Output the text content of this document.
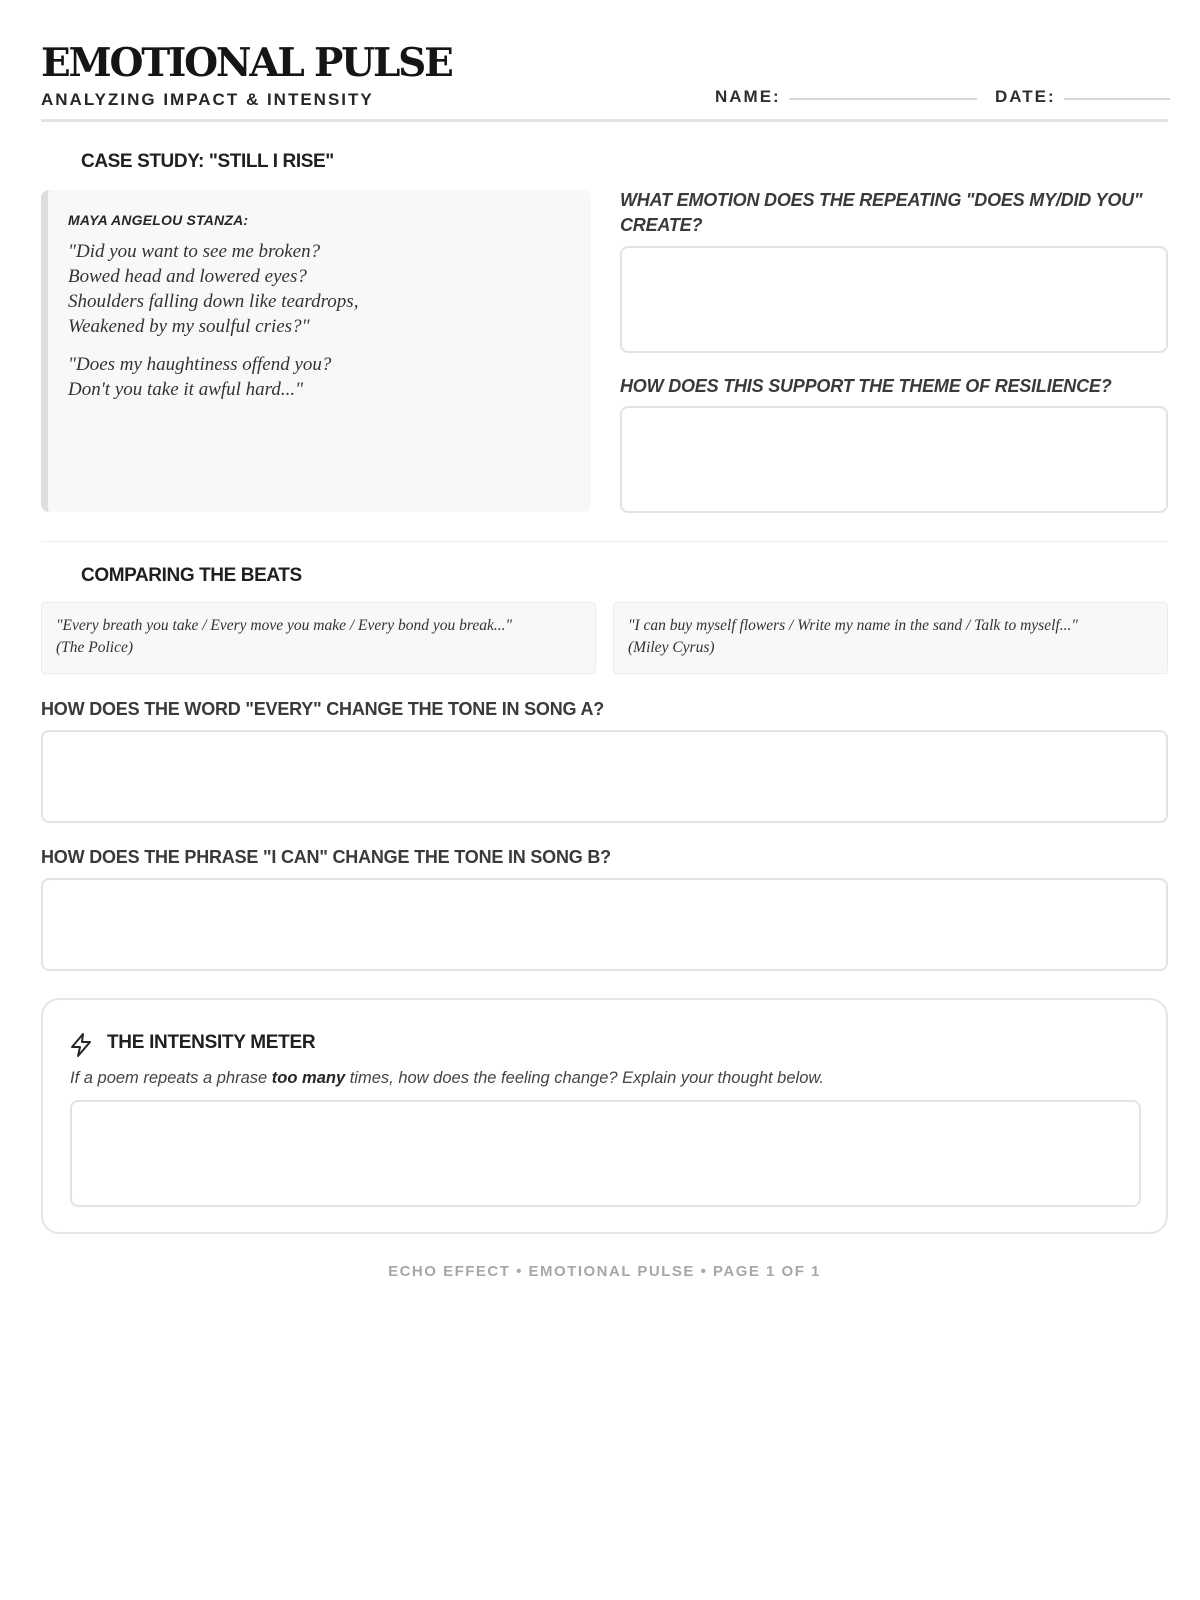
EMOTIONAL PULSE
ANALYZING IMPACT & INTENSITY	NAME:	DATE:
CASE STUDY: "STILL I RISE"
MAYA ANGELOU STANZA:
"Did you want to see me broken?
Bowed head and lowered eyes?
Shoulders falling down like teardrops,
Weakened by my soulful cries?"
"Does my haughtiness offend you?
Don't you take it awful hard..."
WHAT EMOTION DOES THE REPEATING "DOES MY/DID YOU" CREATE?
HOW DOES THIS SUPPORT THE THEME OF RESILIENCE?
COMPARING THE BEATS
"Every breath you take / Every move you make / Every bond you break..."
(The Police)
"I can buy myself flowers / Write my name in the sand / Talk to myself..."
(Miley Cyrus)
HOW DOES THE WORD "EVERY" CHANGE THE TONE IN SONG A?
HOW DOES THE PHRASE "I CAN" CHANGE THE TONE IN SONG B?
THE INTENSITY METER
If a poem repeats a phrase too many times, how does the feeling change? Explain your thought below.
ECHO EFFECT • EMOTIONAL PULSE • PAGE 1 OF 1
